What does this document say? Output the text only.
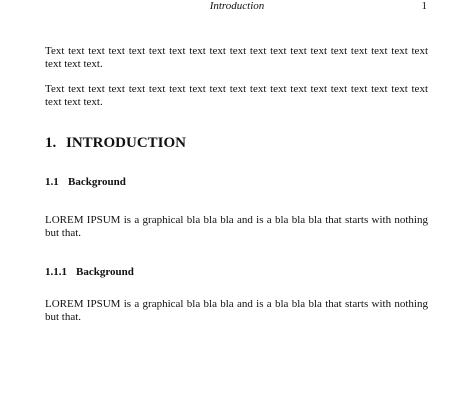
Introduction	1

Text text text text text text text text text text text text text text text text text text text text text text.

Text text text text text text text text text text text text text text text text text text text text text text.

1. INTRODUCTION
1.1 Background

LOREM IPSUM is a graphical bla bla bla and is a bla bla bla that starts with nothing but that.

1.1.1 Background

LOREM IPSUM is a graphical bla bla bla and is a bla bla bla that starts with nothing but that.
